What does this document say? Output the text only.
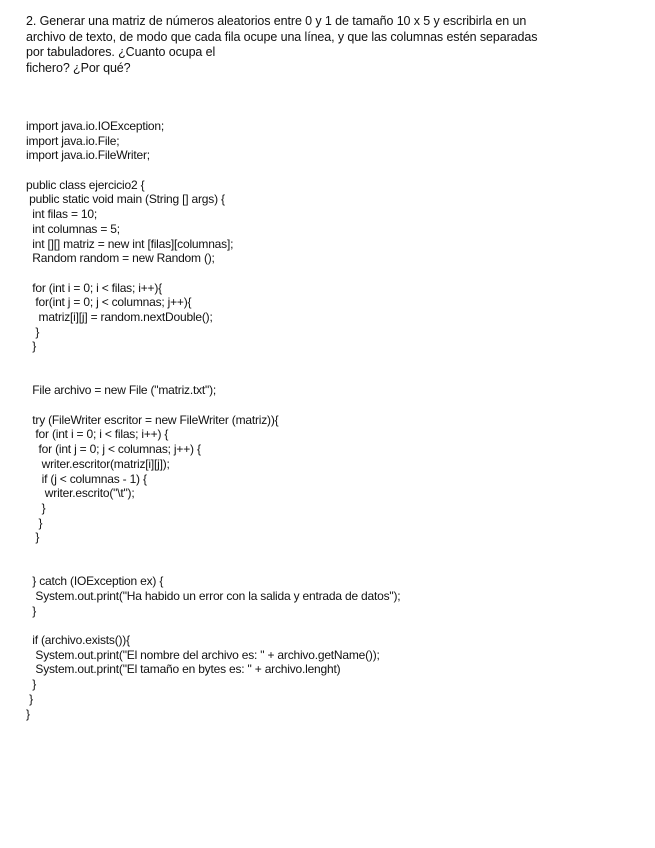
2. Generar una matriz de números aleatorios entre 0 y 1 de tamaño 10 x 5 y escribirla en un
archivo de texto, de modo que cada fila ocupe una línea, y que las columnas estén separadas
por tabuladores. ¿Cuanto ocupa el
fichero? ¿Por qué?

import java.io.IOException;
import java.io.File;
import java.io.FileWriter;
public class ejercicio2 {
public static void main (String [] args) {
int filas = 10;
int columnas = 5;
int [][] matriz = new int [filas][columnas];
Random random = new Random ();
for (int i = 0; i < filas; i++){
for(int j = 0; j < columnas; j++){
matriz[i][j] = random.nextDouble();
}
}
File archivo = new File ("matriz.txt");
try (FileWriter escritor = new FileWriter (matriz)){
for (int i = 0; i < filas; i++) {
for (int j = 0; j < columnas; j++) {
writer.escritor(matriz[i][j]);
if (j < columnas - 1) {
writer.escrito("\t");
}
}
}
} catch (IOException ex) {
System.out.print("Ha habido un error con la salida y entrada de datos");
}
if (archivo.exists()){
System.out.print("El nombre del archivo es: " + archivo.getName());
System.out.print("El tamaño en bytes es: " + archivo.lenght)
}
}
}
